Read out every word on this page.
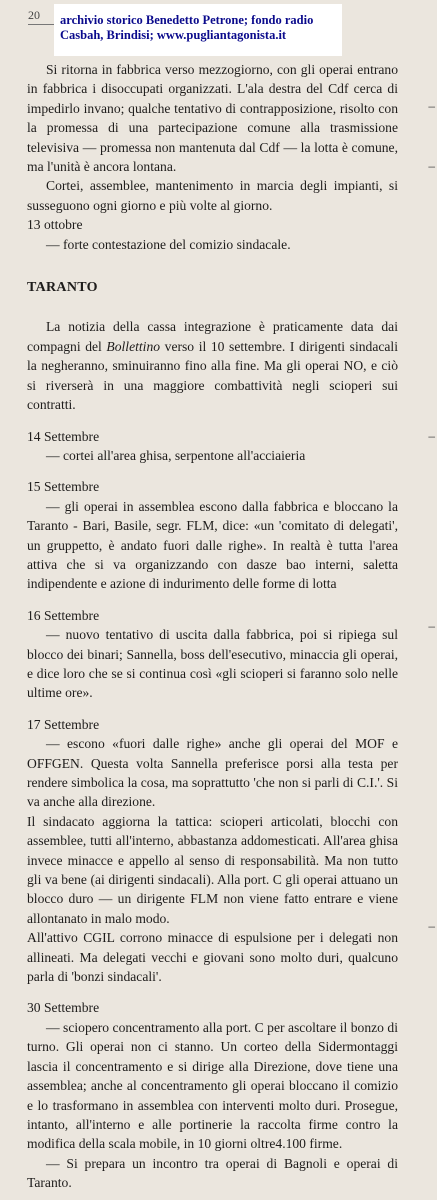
20 archivio storico Benedetto Petrone; fondo radio
Casbah, Brindisi; www.pugliantagonista.it

Si ritorna in fabbrica verso mezzogiorno, con gli operai entrano in fabbrica i disoccupati organizzati. L'ala destra del Cdf cerca di impedirlo invano; qualche tentativo di contrapposizione, risolto con la promessa di una partecipazione comune alla trasmissione televisiva — promessa non mantenuta dal Cdf — la lotta è comune, ma l'unità è ancora lontana.

Cortei, assemblee, mantenimento in marcia degli impianti, si susseguono ogni giorno e più volte al giorno.

13 ottobre

— forte contestazione del comizio sindacale.

TARANTO

La notizia della cassa integrazione è praticamente data dai compagni del Bollettino verso il 10 settembre. I dirigenti sindacali la negheranno, sminuiranno fino alla fine. Ma gli operai NO, e ciò si riverserà in una maggiore combattività negli scioperi sui contratti.

14 Settembre

— cortei all'area ghisa, serpentone all'acciaieria

15 Settembre

— gli operai in assemblea escono dalla fabbrica e bloccano la Taranto - Bari, Basile, segr. FLM, dice: «un 'comitato di delegati', un gruppetto, è andato fuori dalle righe». In realtà è tutta l'area attiva che si va organizzando con dasze bao interni, saletta indipendente e azione di indurimento delle forme di lotta

16 Settembre

— nuovo tentativo di uscita dalla fabbrica, poi si ripiega sul blocco dei binari; Sannella, boss dell'esecutivo, minaccia gli operai, e dice loro che se si continua così «gli scioperi si faranno solo nelle ultime ore».

17 Settembre

— escono «fuori dalle righe» anche gli operai del MOF e OFFGEN. Questa volta Sannella preferisce porsi alla testa per rendere simbolica la cosa, ma soprattutto 'che non si parli di C.I.'. Si va anche alla direzione.

Il sindacato aggiorna la tattica: scioperi articolati, blocchi con assemblee, tutti all'interno, abbastanza addomesticati. All'area ghisa invece minacce e appello al senso di responsabilità. Ma non tutto gli va bene (ai dirigenti sindacali). Alla port. C gli operai attuano un blocco duro — un dirigente FLM non viene fatto entrare e viene allontanato in malo modo.

All'attivo CGIL corrono minacce di espulsione per i delegati non allineati. Ma delegati vecchi e giovani sono molto duri, qualcuno parla di 'bonzi sindacali'.

30 Settembre

— sciopero concentramento alla port. C per ascoltare il bonzo di turno. Gli operai non ci stanno. Un corteo della Sidermontaggi lascia il concentramento e si dirige alla Direzione, dove tiene una assemblea; anche al concentramento gli operai bloccano il comizio e lo trasformano in assemblea con interventi molto duri. Prosegue, intanto, all'interno e alle portinerie la raccolta firme contro la modifica della scala mobile, in 10 giorni oltre4.100 firme.

— Si prepara un incontro tra operai di Bagnoli e operai di Taranto.

–
–
–
–
–
